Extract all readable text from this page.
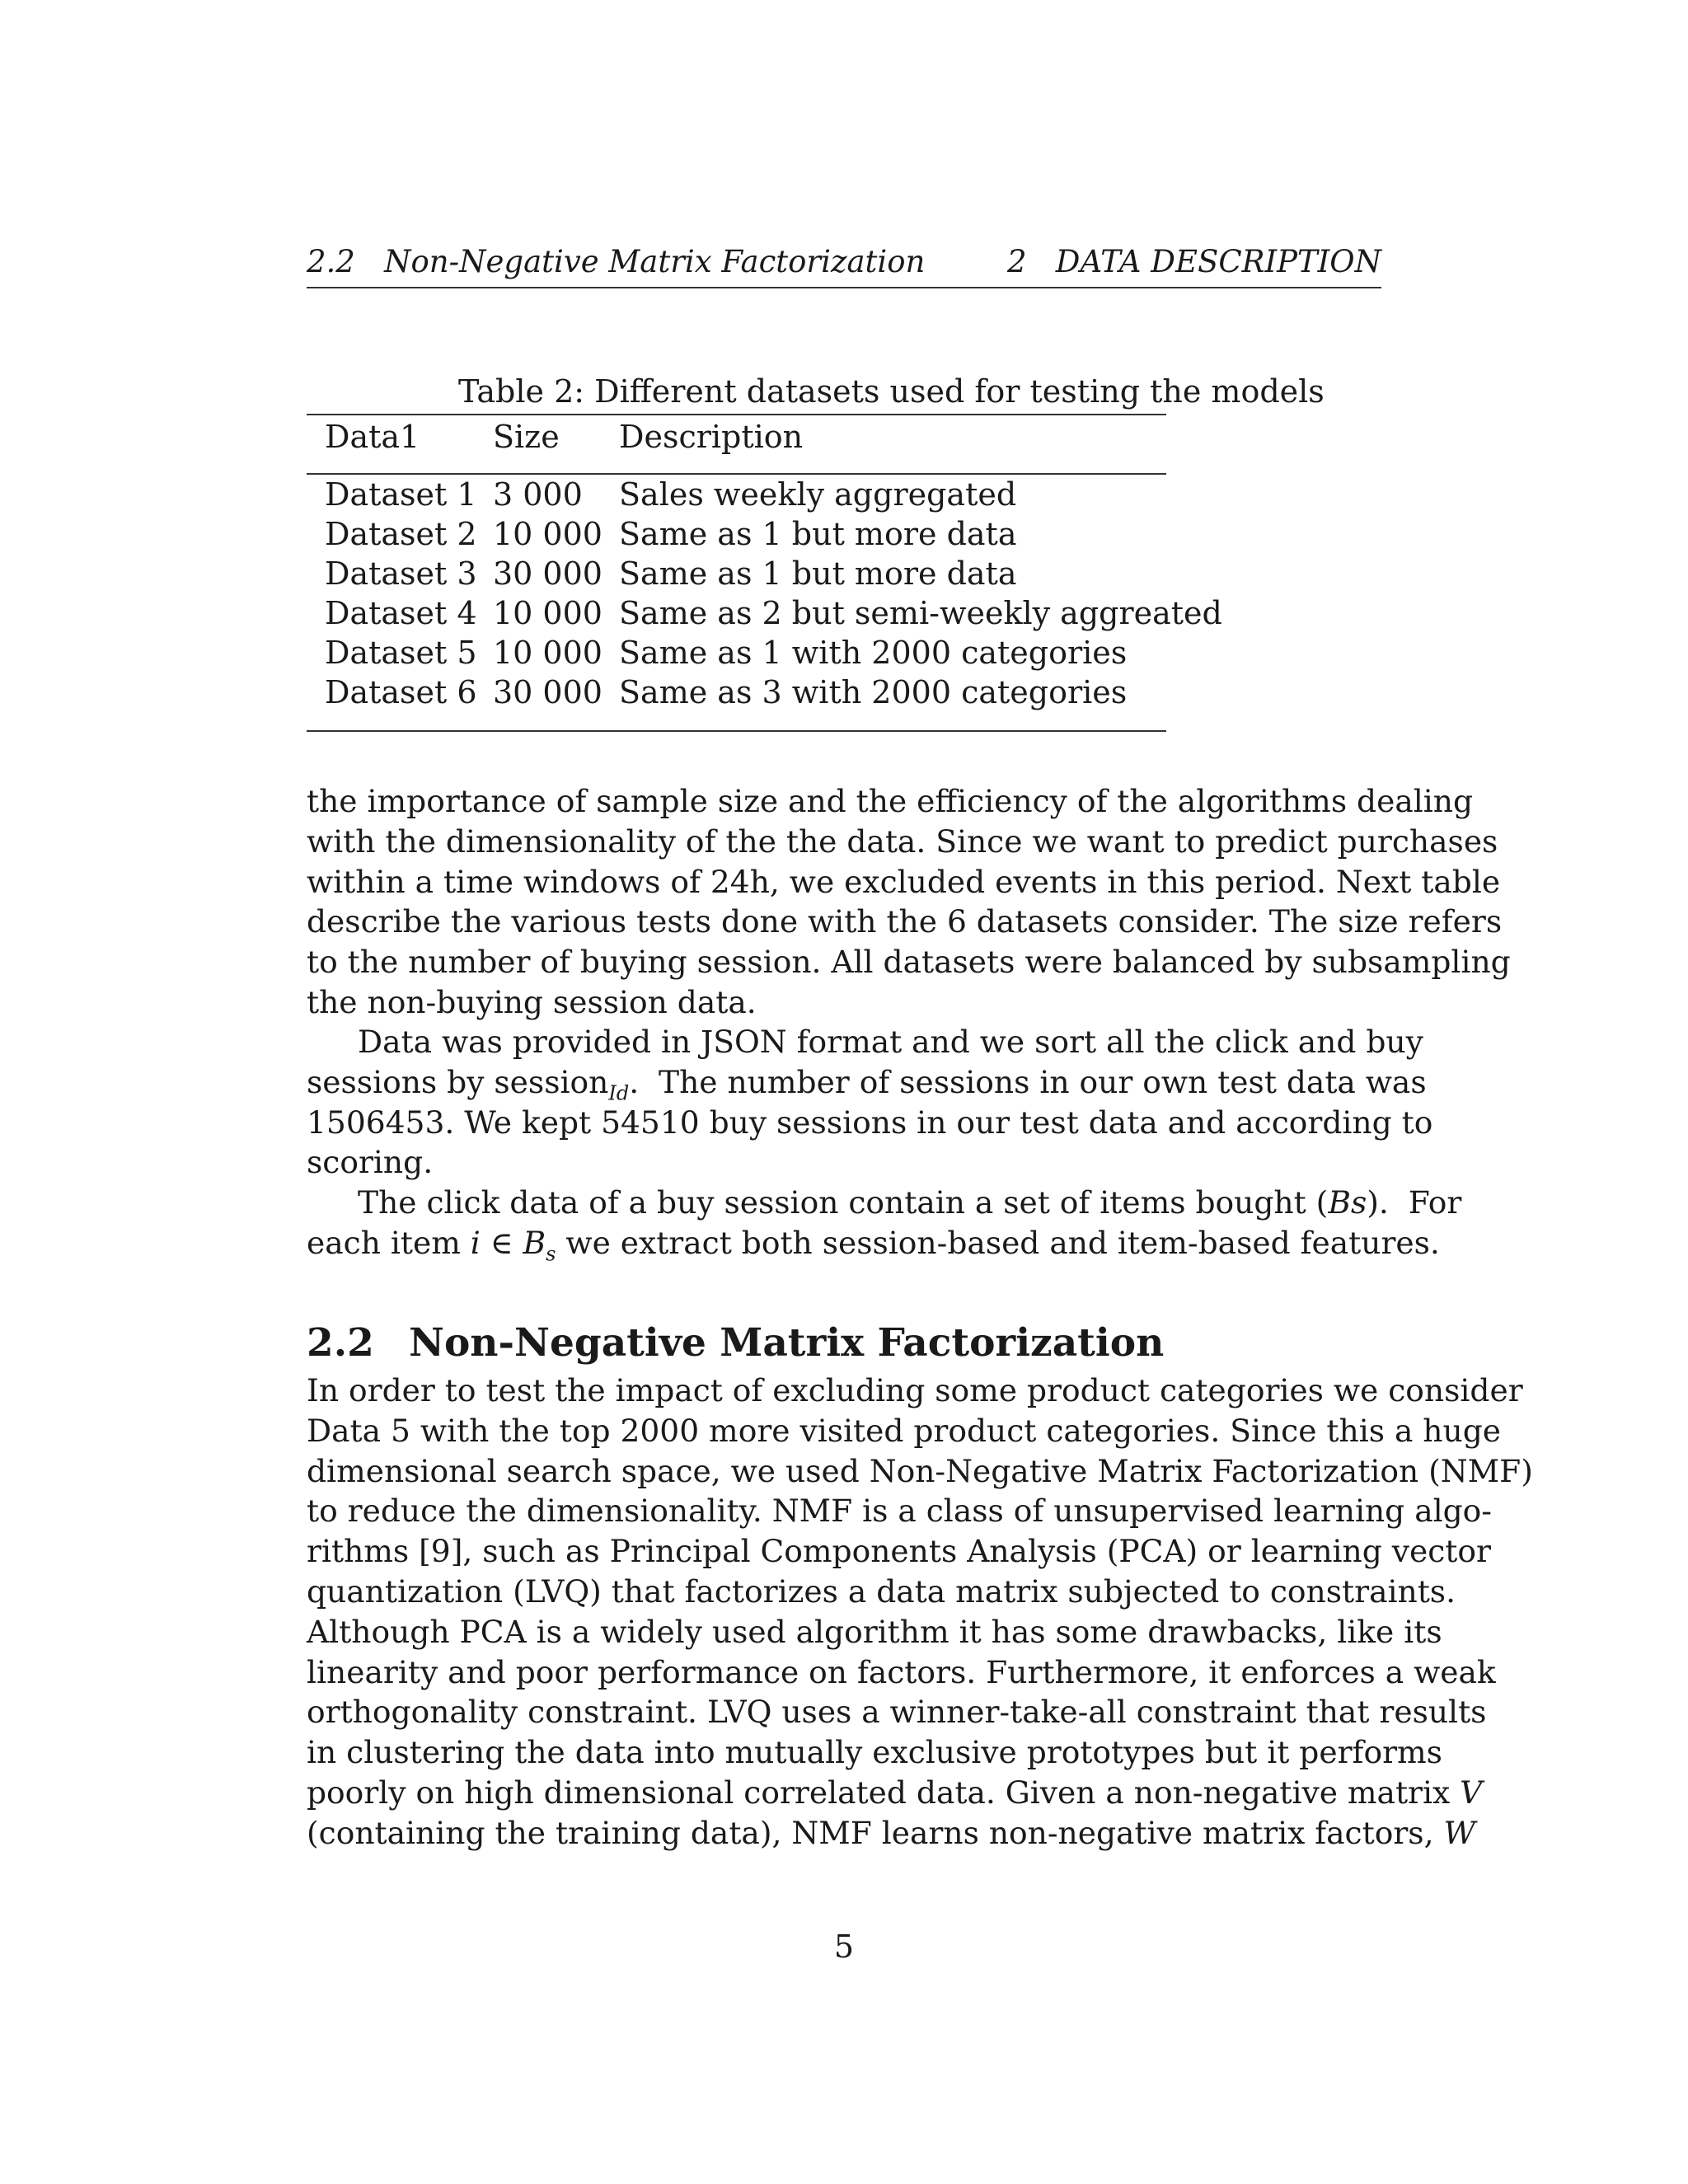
2.2   Non-Negative Matrix Factorization	2   DATA DESCRIPTION
Table 2: Different datasets used for testing the models
Data1 Size Description
Dataset 1 3 000 Sales weekly aggregated
Dataset 2 10 000 Same as 1 but more data
Dataset 3 30 000 Same as 1 but more data
Dataset 4 10 000 Same as 2 but semi-weekly aggreated
Dataset 5 10 000 Same as 1 with 2000 categories
Dataset 6 30 000 Same as 3 with 2000 categories
the importance of sample size and the efficiency of the algorithms dealing
with the dimensionality of the the data. Since we want to predict purchases
within a time windows of 24h, we excluded events in this period. Next table
describe the various tests done with the 6 datasets consider. The size refers
to the number of buying session. All datasets were balanced by subsampling
the non-buying session data.
Data was provided in JSON format and we sort all the click and buy
sessions by session$_{Id}$.  The number of sessions in our own test data was
1506453. We kept 54510 buy sessions in our test data and according to
scoring.
The click data of a buy session contain a set of items bought (Bs).  For
each item i ∈ $B_s$ we extract both session-based and item-based features.
2.2 Non-Negative Matrix Factorization
In order to test the impact of excluding some product categories we consider
Data 5 with the top 2000 more visited product categories. Since this a huge
dimensional search space, we used Non-Negative Matrix Factorization (NMF)
to reduce the dimensionality. NMF is a class of unsupervised learning algo-
rithms [9], such as Principal Components Analysis (PCA) or learning vector
quantization (LVQ) that factorizes a data matrix subjected to constraints.
Although PCA is a widely used algorithm it has some drawbacks, like its
linearity and poor performance on factors. Furthermore, it enforces a weak
orthogonality constraint. LVQ uses a winner-take-all constraint that results
in clustering the data into mutually exclusive prototypes but it performs
poorly on high dimensional correlated data. Given a non-negative matrix V
(containing the training data), NMF learns non-negative matrix factors, W
5
